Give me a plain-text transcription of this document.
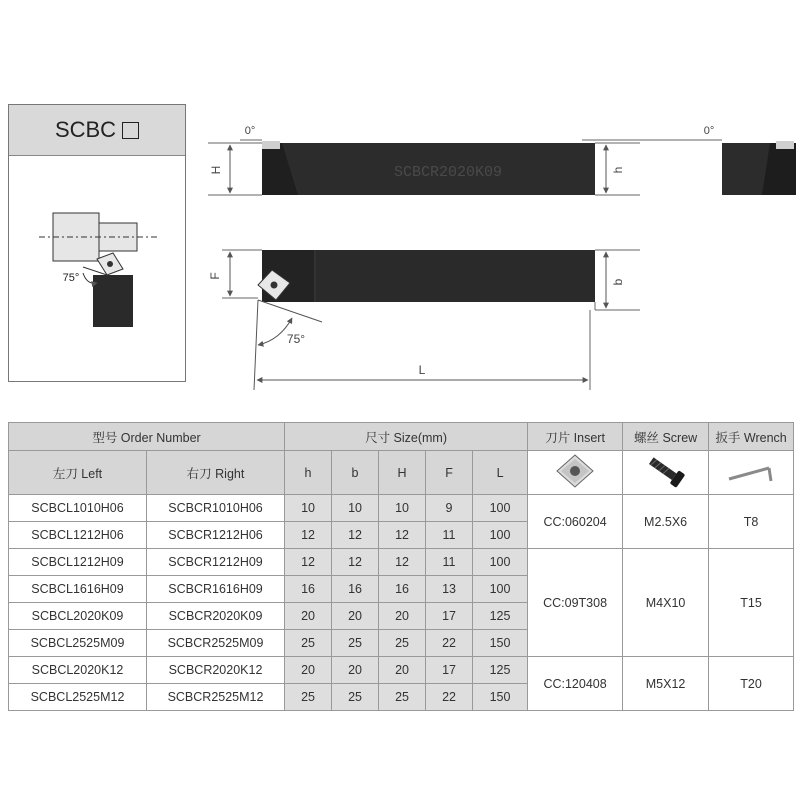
SCBCR2020K09
H	h
0°	0°
F
b
75°
L
SCBC
75°
型号 Order Number		尺寸 Size(mm)					刀片 Insert	螺丝 Screw	扳手 Wrench
左刀 Left	右刀 Right	h	b	H	F	L			
SCBCL1010H06	SCBCR1010H06	10	10	10	9	100	CC:060204	M2.5X6	T8
SCBCL1212H06	SCBCR1212H06	12	12	12	11	100			
SCBCL1212H09	SCBCR1212H09	12	12	12	11	100	CC:09T308	M4X10	T15
SCBCL1616H09	SCBCR1616H09	16	16	16	13	100			
SCBCL2020K09	SCBCR2020K09	20	20	20	17	125			
SCBCL2525M09	SCBCR2525M09	25	25	25	22	150			
SCBCL2020K12	SCBCR2020K12	20	20	20	17	125	CC:120408	M5X12	T20
SCBCL2525M12	SCBCR2525M12	25	25	25	22	150			
